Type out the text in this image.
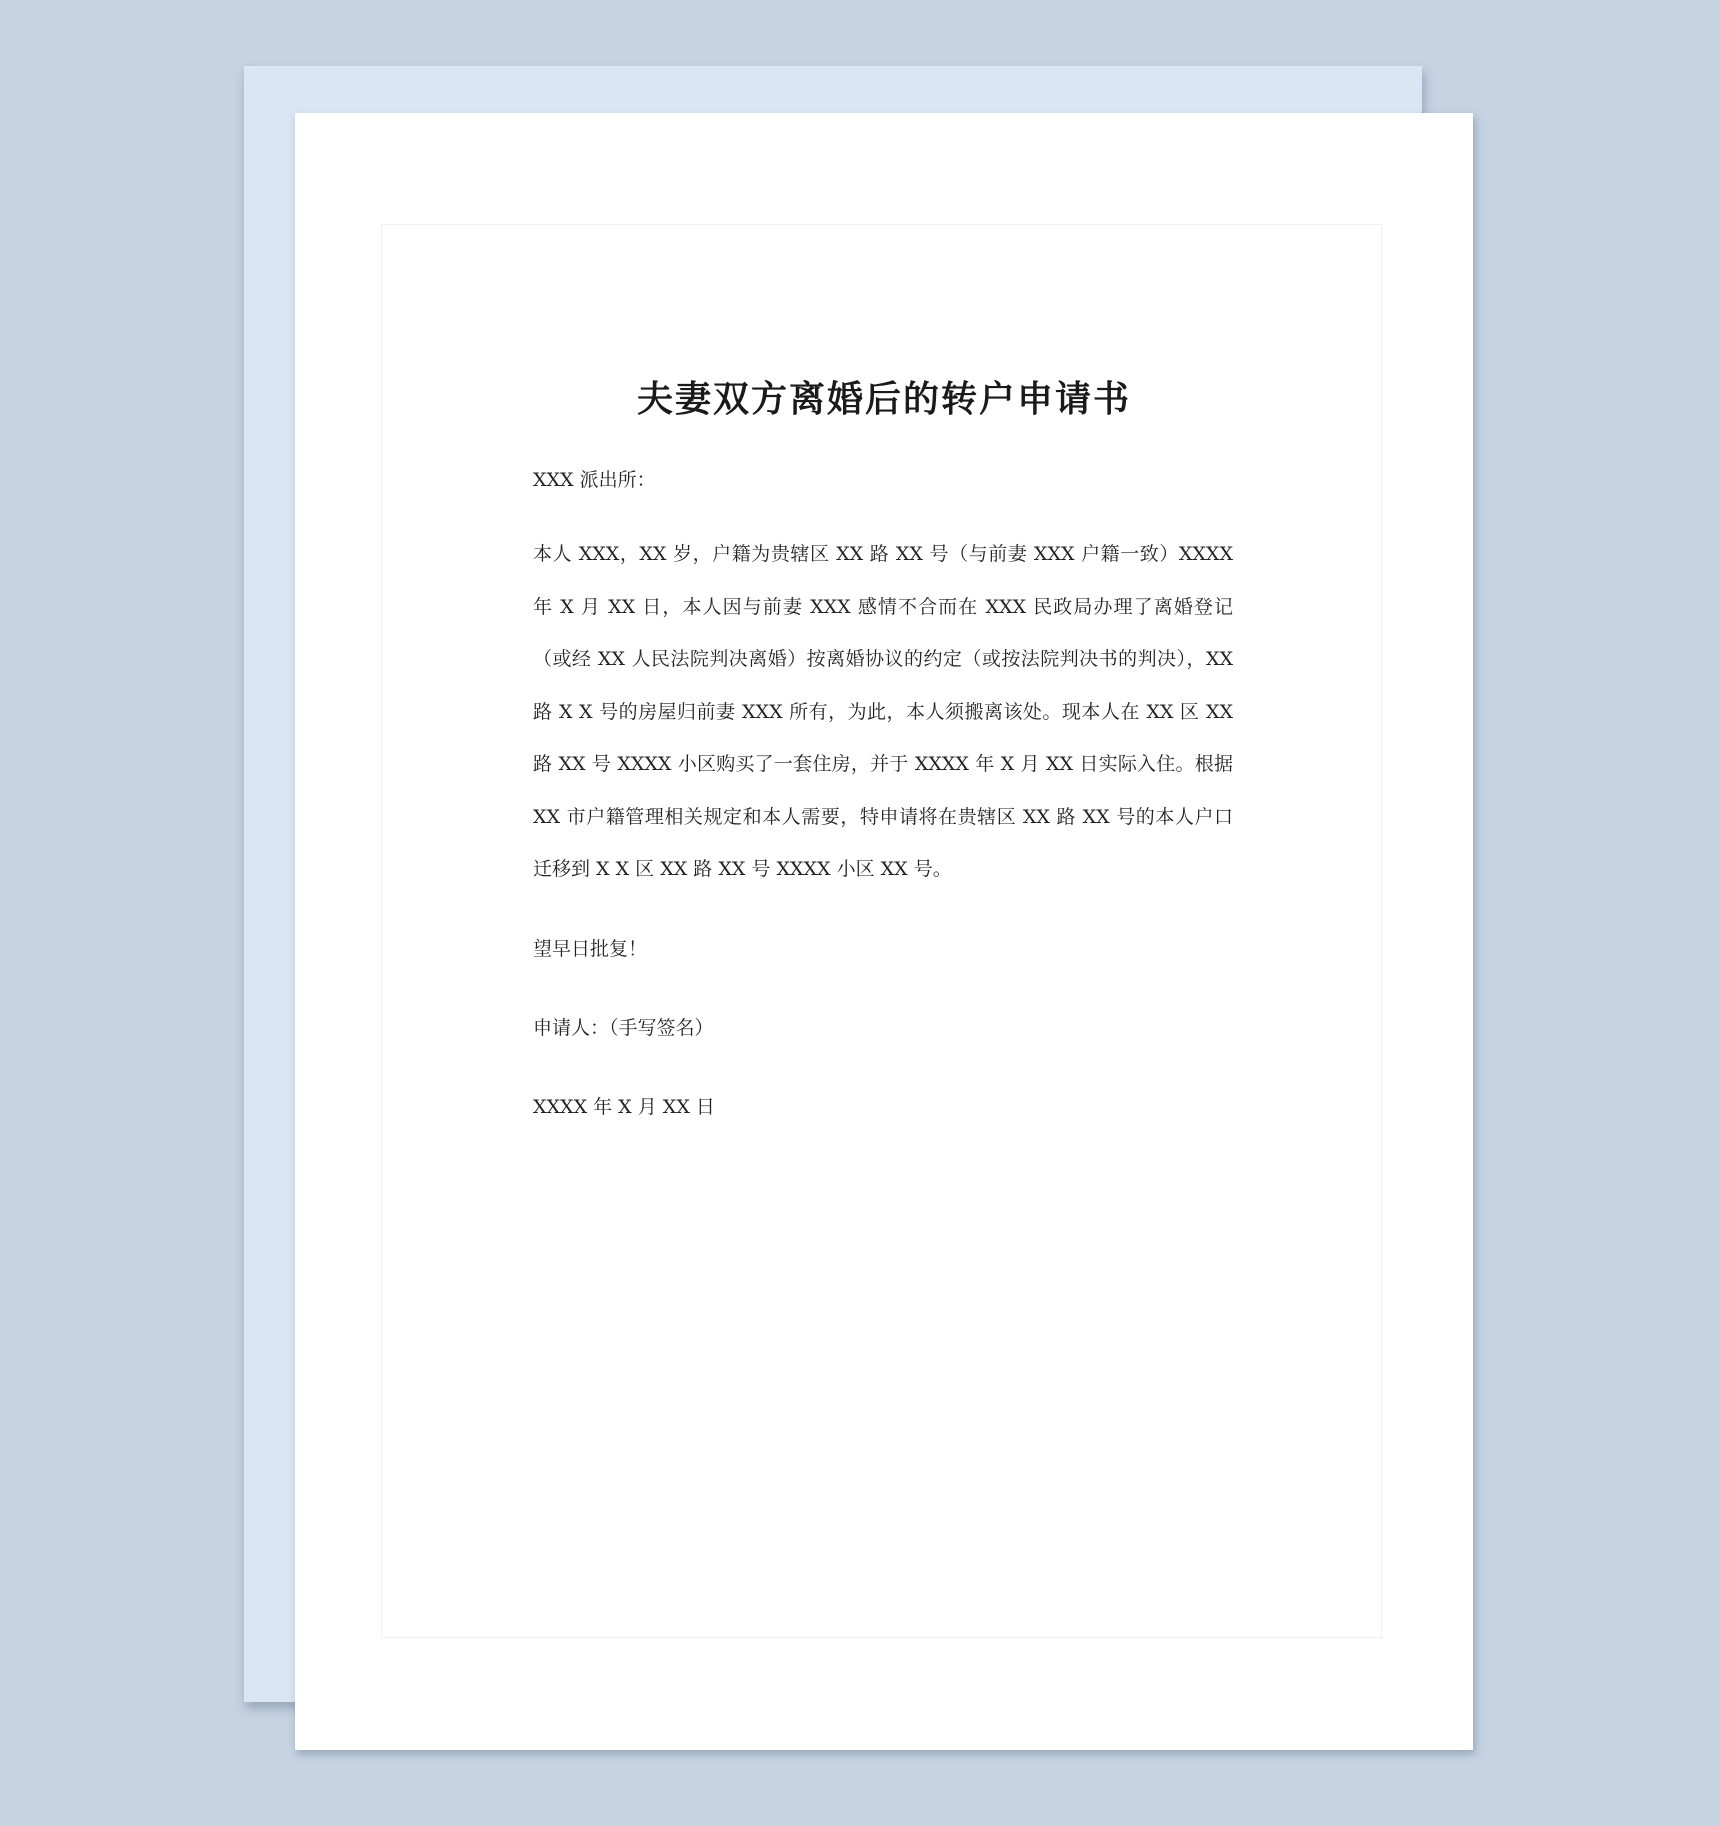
夫妻双方离婚后的转户申请书

XXX 派出所：

本人 XXX，XX 岁，户籍为贵辖区 XX 路 XX 号（与前妻 XXX 户籍一致）XXXX 年 X 月 XX 日，本人因与前妻 XXX 感情不合而在 XXX 民政局办理了离婚登记（或经 XX 人民法院判决离婚）按离婚协议的约定（或按法院判决书的判决），XX 路 X X 号的房屋归前妻 XXX 所有，为此，本人须搬离该处。现本人在 XX 区 XX 路 XX 号 XXXX 小区购买了一套住房，并于 XXXX 年 X 月 XX 日实际入住。根据 XX 市户籍管理相关规定和本人需要，特申请将在贵辖区 XX 路 XX 号的本人户口迁移到 X X 区 XX 路 XX 号 XXXX 小区 XX 号。

望早日批复！

申请人：（手写签名）

XXXX 年 X 月 XX 日
